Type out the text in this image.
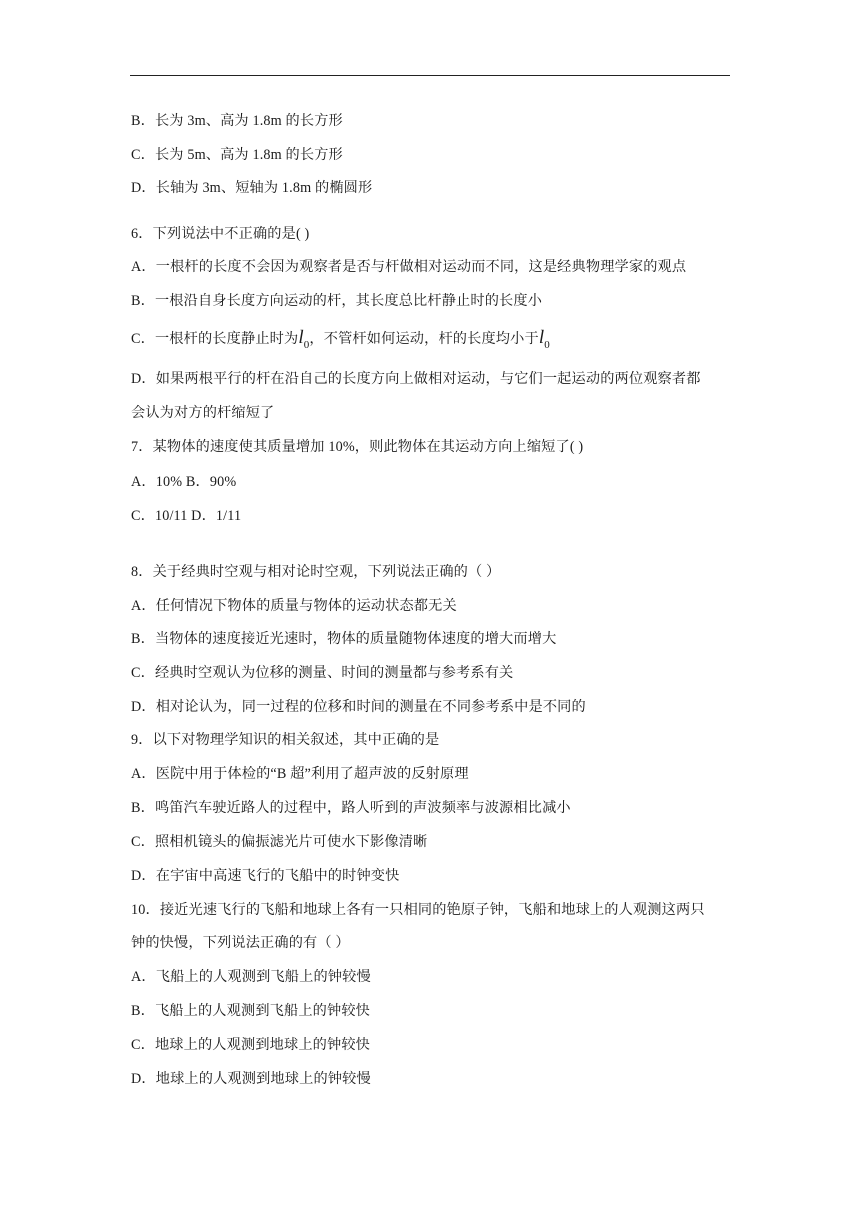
B．长为 3m、高为 1.8m 的长方形
C．长为 5m、高为 1.8m 的长方形
D．长轴为 3m、短轴为 1.8m 的椭圆形
6．下列说法中不正确的是( )
A．一根杆的长度不会因为观察者是否与杆做相对运动而不同，这是经典物理学家的观点
B．一根沿自身长度方向运动的杆，其长度总比杆静止时的长度小
C．一根杆的长度静止时为$l_0$，不管杆如何运动，杆的长度均小于$l_0$
D．如果两根平行的杆在沿自己的长度方向上做相对运动，与它们一起运动的两位观察者都
会认为对方的杆缩短了
7．某物体的速度使其质量增加 10%，则此物体在其运动方向上缩短了( )
A．10% B．90%
C．10/11 D．1/11
8．关于经典时空观与相对论时空观，下列说法正确的（ ）
A．任何情况下物体的质量与物体的运动状态都无关
B．当物体的速度接近光速时，物体的质量随物体速度的增大而增大
C．经典时空观认为位移的测量、时间的测量都与参考系有关
D．相对论认为，同一过程的位移和时间的测量在不同参考系中是不同的
9．以下对物理学知识的相关叙述，其中正确的是
A．医院中用于体检的“B 超”利用了超声波的反射原理
B．鸣笛汽车驶近路人的过程中，路人听到的声波频率与波源相比减小
C．照相机镜头的偏振滤光片可使水下影像清晰
D．在宇宙中高速飞行的飞船中的时钟变快
10．接近光速飞行的飞船和地球上各有一只相同的铯原子钟，飞船和地球上的人观测这两只
钟的快慢，下列说法正确的有（ ）
A．飞船上的人观测到飞船上的钟较慢
B．飞船上的人观测到飞船上的钟较快
C．地球上的人观测到地球上的钟较快
D．地球上的人观测到地球上的钟较慢
